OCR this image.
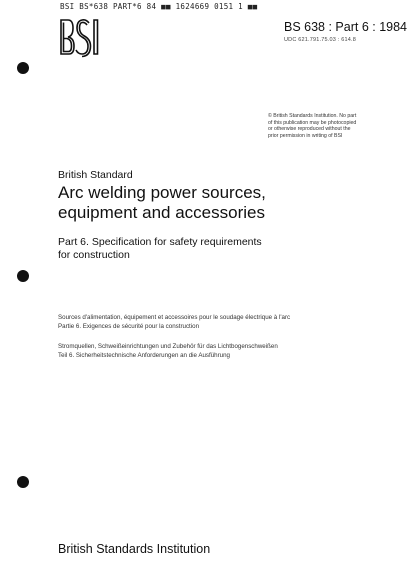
BSI BS*638 PART*6 84 ■■ 1624669 0151 1 ■■
BSI
BS 638 : Part 6 : 1984
UDC 621.791.75.03 : 614.8
© British Standards Institution. No part
of this publication may be photocopied
or otherwise reproduced without the
prior permission in writing of BSI
British Standard
Arc welding power sources,
equipment and accessories
Part 6. Specification for safety requirements
for construction
Sources d'alimentation, équipement et accessoires pour le soudage électrique à l'arc
Partie 6. Exigences de sécurité pour la construction
Stromquellen, Schweißeinrichtungen und Zubehör für das Lichtbogenschweißen
Teil 6. Sicherheitstechnische Anforderungen an die Ausführung
British Standards Institution
